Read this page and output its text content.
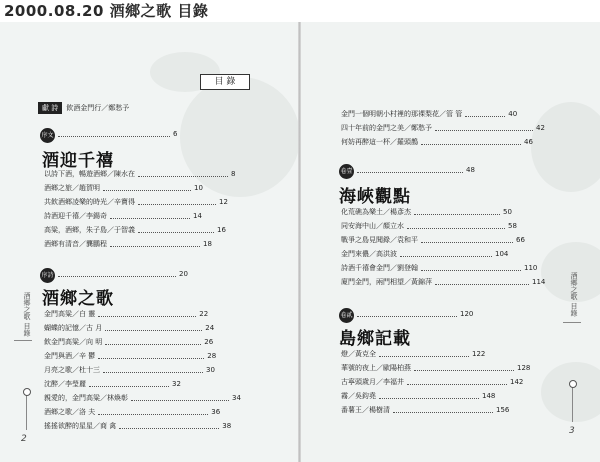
2000.08.20 酒鄉之歌 目錄
目 錄
獻 詩	飲酒金門行／鄭愁予
序文	6
酒迎千禧
以詩下酒，暢遊酒鄉／陳水在	8
酒鄉之旅／趙賀明	10
共飲酒鄉凌樂的時光／辛寶得	12
詩酒迎千禧／李錫奇	14
高粱，酒鄉，朱子島／于智義	16
酒鄉有清音／龔鵬程	18
序詩	20
酒鄉之歌
金門高粱／白 靈	22
蝴蝶的記憶／古 月	24
飲金門高粱／向 明	26
金門與酒／辛 鬱	28
月亮之歌／杜十三	30
沈醉／李瑩麗	32
親愛的，金門高粱／林煥彰	34
酒鄉之歌／洛 夫	36
搖搖欲醉的星星／商 禽	38
酒鄉之歌 目錄
2
金門一個明朝小村裡的那裸梨花／管 管	40
四十年前的金門之美／鄭愁予	42
何妨再醉這一杯／羅頭鵲	46
卷壹	48
海峽觀點
化荒礁為樂土／楊彥杰	50
同安海中山／顏立水	58
戰爭之島見聞錄／袁和平	66
金門來儂／高洪波	104
詩酒千禧會金門／劉登翰	110
廈門金門，兩門相望／黃錦萍	114
卷貳	120
島鄉記載
燈／黃克全	122
華號的夜上／歐陽柏燕	128
古寧頭歲月／李福井	142
霧／吳鈞堯	148
番薯王／楊樹清	156
酒鄉之歌 目錄
3
